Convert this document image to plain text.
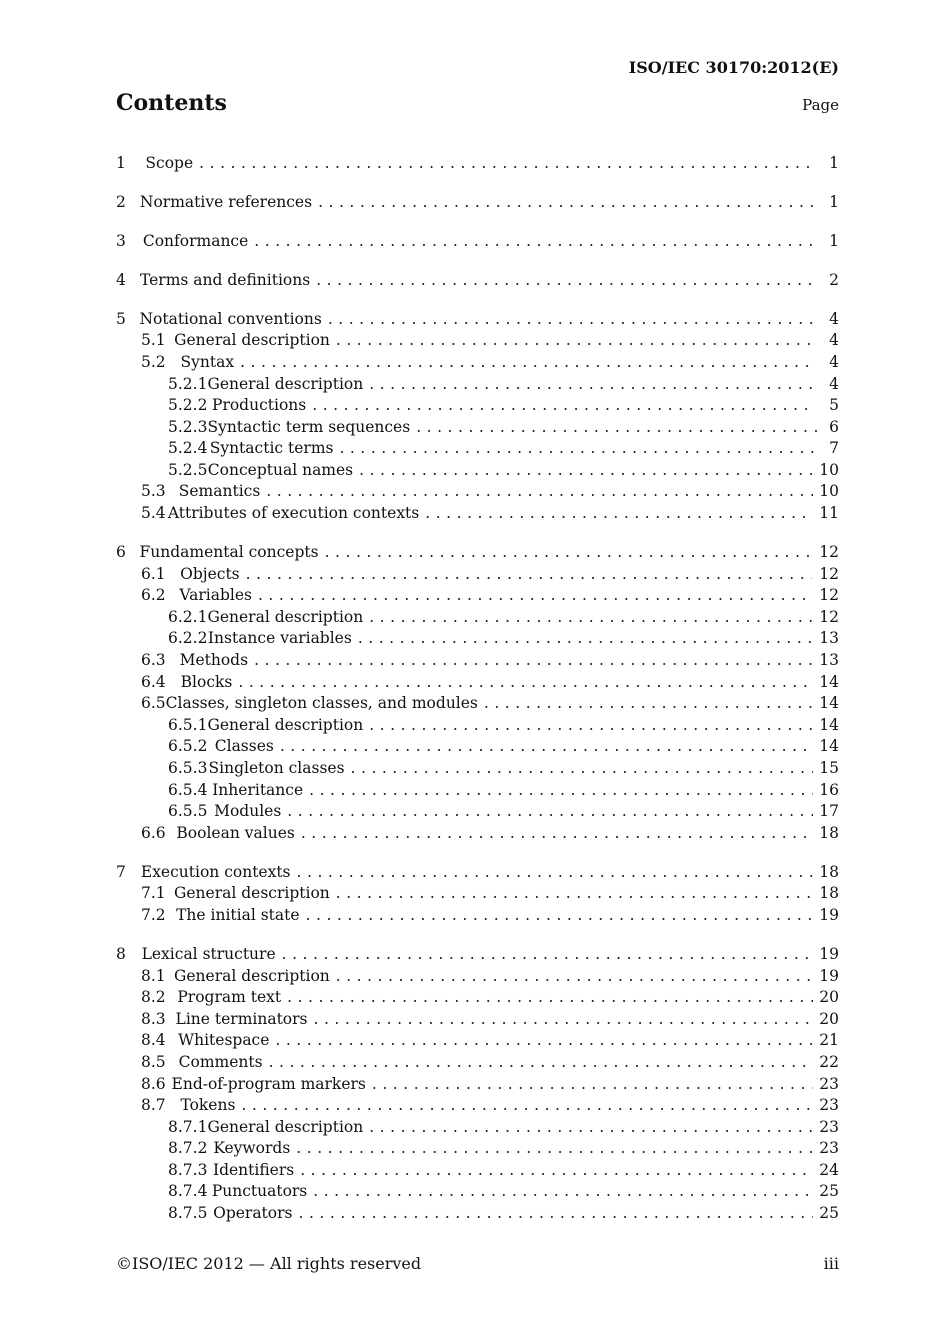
ISO/IEC 30170:2012(E)
Contents	Page
1	Scope . . .	1
2 Normative references . . .	1
3	Conformance . . .	1
4 Terms and definitions . . .	2
5 Notational conventions . . .	4
5.1 General description . . .	4
5.2 Syntax . . .	4
5.2.1 General description . . .	4
5.2.2 Productions . . .	5
5.2.3 Syntactic term sequences . . .	6
5.2.4 Syntactic terms . . .	7
5.2.5 Conceptual names . . .	10
5.3 Semantics . . .	10
5.4 Attributes of execution contexts . . .	11
6 Fundamental concepts . . .	12
6.1 Objects . . .	12
6.2 Variables . . .	12
6.2.1 General description . . .	12
6.2.2 Instance variables . . .	13
6.3 Methods . . .	13
6.4 Blocks . . .	14
6.5 Classes, singleton classes, and modules . . .	14
6.5.1 General description . . .	14
6.5.2 Classes . . .	14
6.5.3 Singleton classes . . .	15
6.5.4 Inheritance . . .	16
6.5.5 Modules . . .	17
6.6 Boolean values . . .	18
7 Execution contexts . . .	18
7.1 General description . . .	18
7.2 The initial state . . .	19
8	Lexical structure . . .	19
8.1 General description . . .	19
8.2 Program text . . .	20
8.3 Line terminators . . .	20
8.4 Whitespace . . .	21
8.5 Comments . . .	22
8.6 End-of-program markers . . .	23
8.7 Tokens . . .	23
8.7.1 General description . . .	23
8.7.2 Keywords . . .	23
8.7.3 Identifiers . . .	24
8.7.4 Punctuators . . .	25
8.7.5 Operators . . .	25
©ISO/IEC 2012 — All rights reserved	iii
